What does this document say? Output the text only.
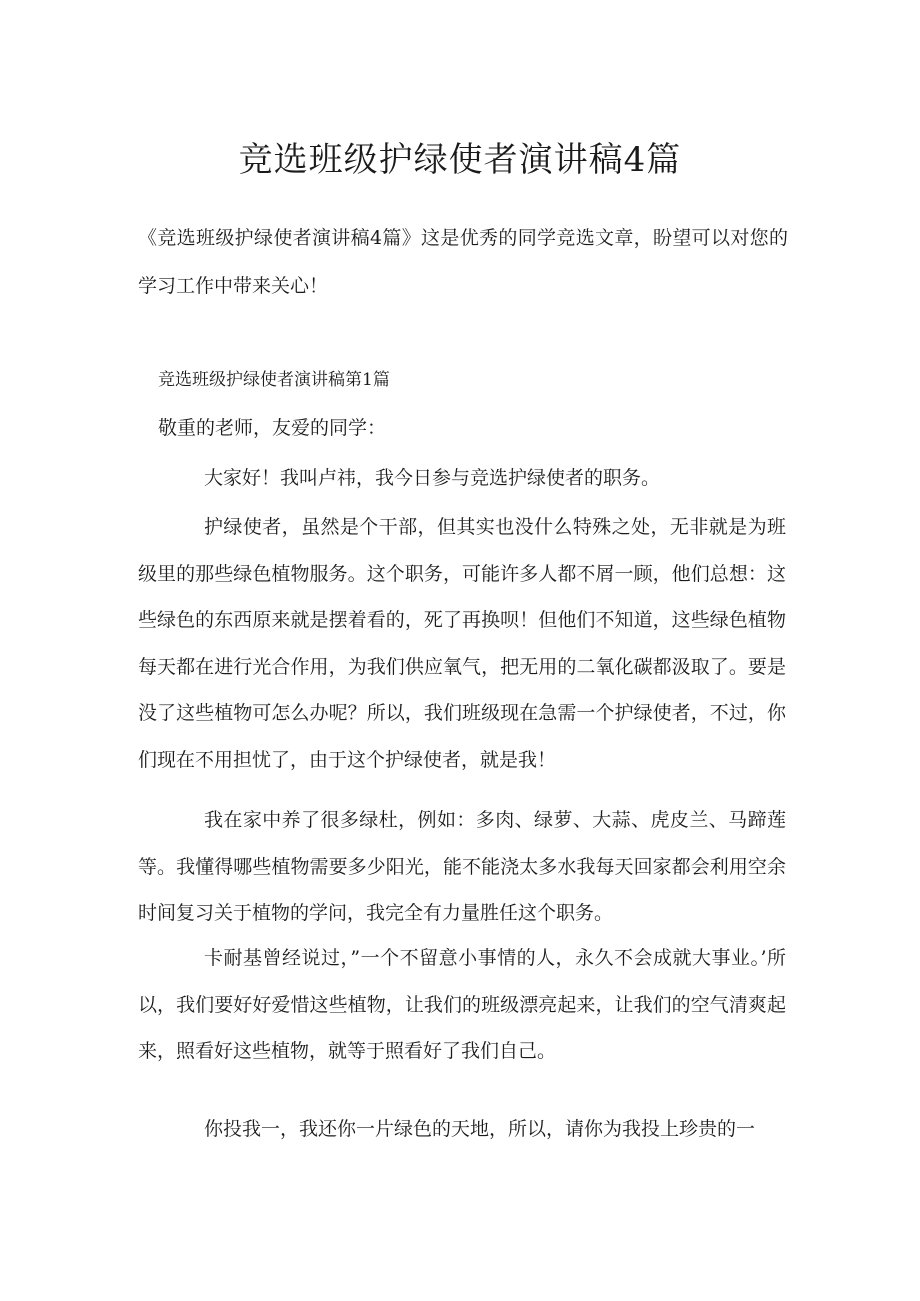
竞选班级护绿使者演讲稿4篇
《竞选班级护绿使者演讲稿4篇》这是优秀的同学竞选文章，盼望可以对您的学习工作中带来关心！
竞选班级护绿使者演讲稿第1篇
敬重的老师，友爱的同学：

大家好！我叫卢祎，我今日参与竞选护绿使者的职务。

护绿使者，虽然是个干部，但其实也没什么特殊之处，无非就是为班级里的那些绿色植物服务。这个职务，可能许多人都不屑一顾，他们总想：这些绿色的东西原来就是摆着看的，死了再换呗！但他们不知道，这些绿色植物每天都在进行光合作用，为我们供应氧气，把无用的二氧化碳都汲取了。要是没了这些植物可怎么办呢？所以，我们班级现在急需一个护绿使者，不过，你们现在不用担忧了，由于这个护绿使者，就是我！

我在家中养了很多绿杜，例如：多肉、绿萝、大蒜、虎皮兰、马蹄莲等。我懂得哪些植物需要多少阳光，能不能浇太多水我每天回家都会利用空余时间复习关于植物的学问，我完全有力量胜任这个职务。

卡耐基曾经说过，”一个不留意小事情的人，永久不会成就大事业。’所以，我们要好好爱惜这些植物，让我们的班级漂亮起来，让我们的空气清爽起来，照看好这些植物，就等于照看好了我们自己。

你投我一，我还你一片绿色的天地，所以，请你为我投上珍贵的一
